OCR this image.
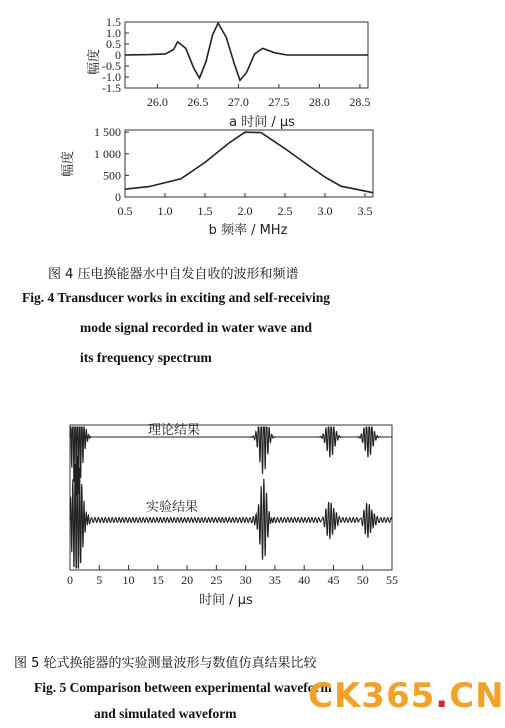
1.5
1.0
0.5
0
-0.5
-1.0
-1.5
26.0 26.5 27.0 27.5 28.0 28.5
幅度
a 时间 / μs
1 500
1 000
500
0
0.5 1.0 1.5 2.0 2.5 3.0 3.5
幅度
b 频率 / MHz
0 5 10 15 20 25 30 35 40 45 50 55
理论结果
实验结果
时间 / μs
图 4 压电换能器水中自发自收的波形和频谱
Fig. 4 Transducer works in exciting and self-receiving
mode signal recorded in water wave and
its frequency spectrum
图 5 轮式换能器的实验测量波形与数值仿真结果比较
Fig. 5 Comparison between experimental waveform
and simulated waveform CK365.CN
